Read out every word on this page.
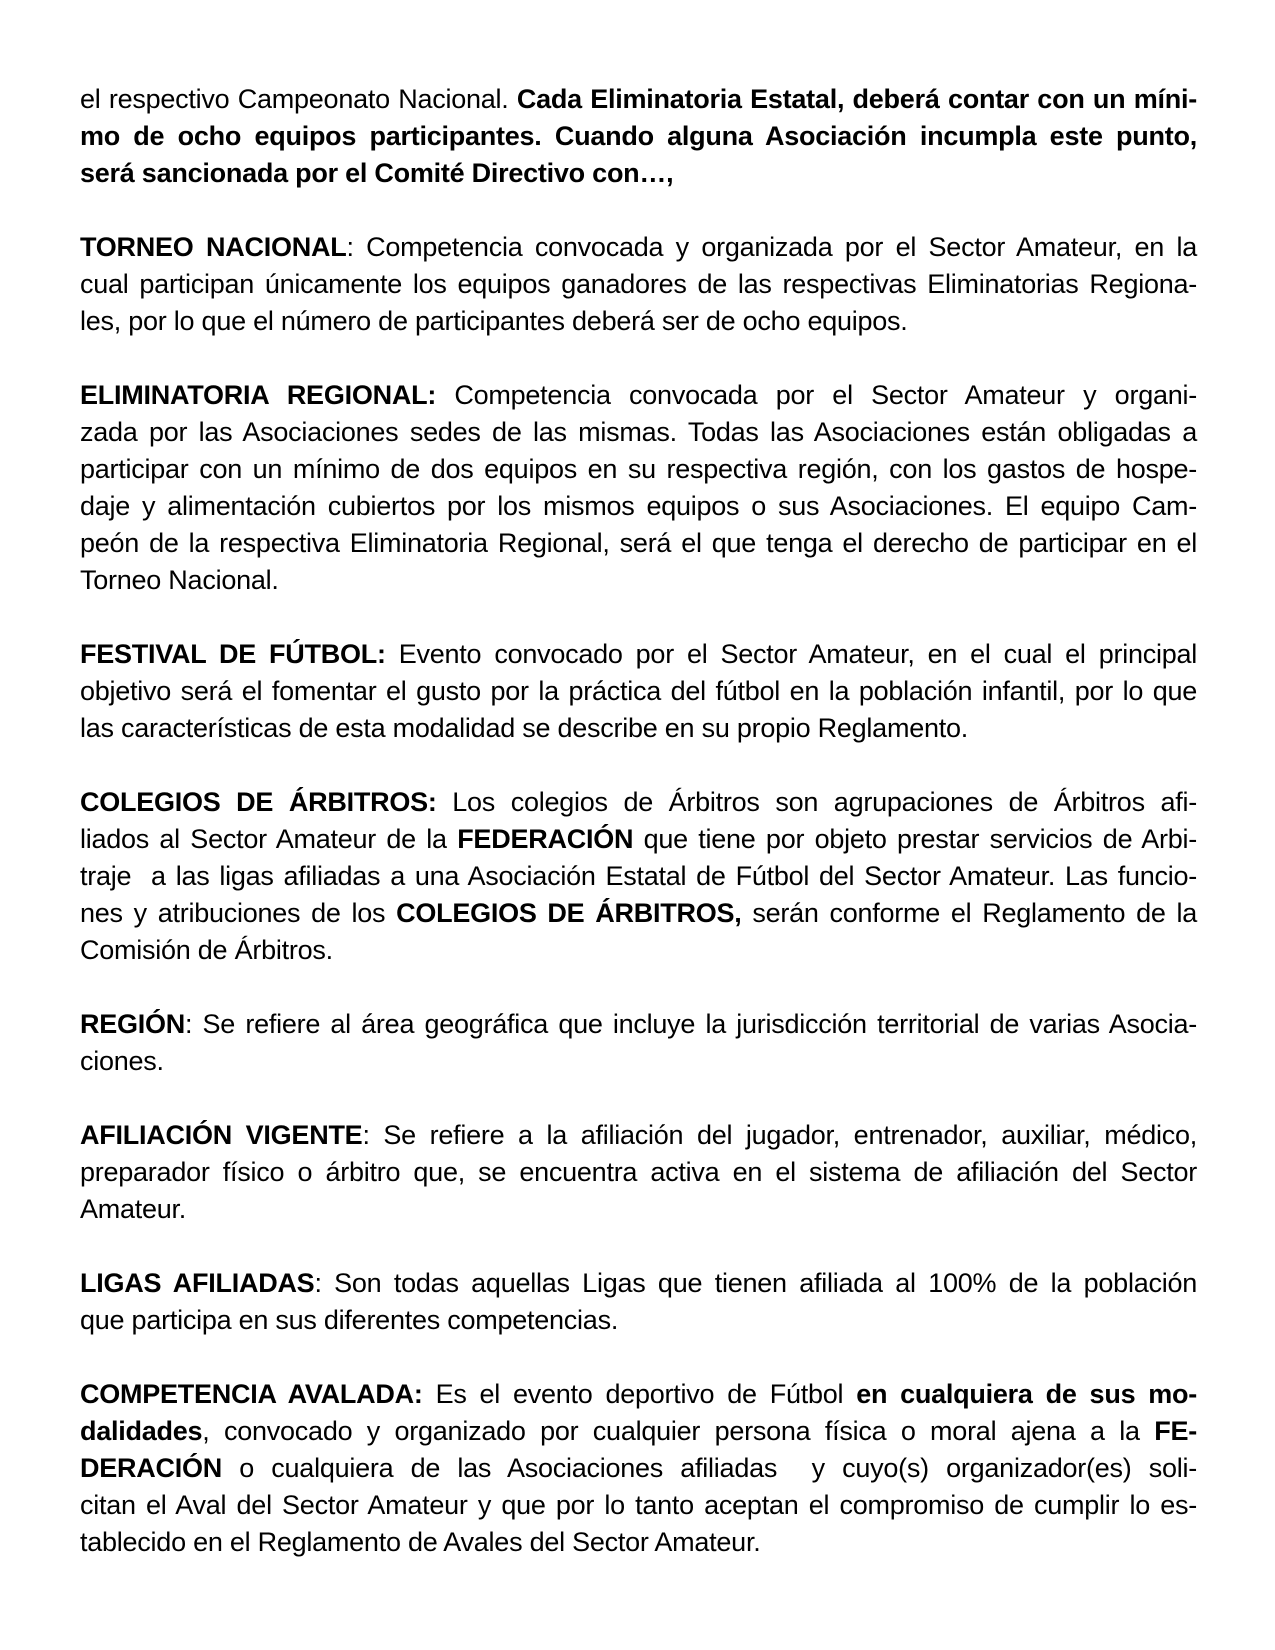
el respectivo Campeonato Nacional. Cada Eliminatoria Estatal, deberá contar con un míni-
mo de ocho equipos participantes. Cuando alguna Asociación incumpla este punto,
será sancionada por el Comité Directivo con…,
TORNEO NACIONAL: Competencia convocada y organizada por el Sector Amateur, en la
cual participan únicamente los equipos ganadores de las respectivas Eliminatorias Regiona-
les, por lo que el número de participantes deberá ser de ocho equipos.
ELIMINATORIA REGIONAL: Competencia convocada por el Sector Amateur y organi-
zada por las Asociaciones sedes de las mismas. Todas las Asociaciones están obligadas a
participar con un mínimo de dos equipos en su respectiva región, con los gastos de hospe-
daje y alimentación cubiertos por los mismos equipos o sus Asociaciones. El equipo Cam-
peón de la respectiva Eliminatoria Regional, será el que tenga el derecho de participar en el
Torneo Nacional.
FESTIVAL DE FÚTBOL: Evento convocado por el Sector Amateur, en el cual el principal
objetivo será el fomentar el gusto por la práctica del fútbol en la población infantil, por lo que
las características de esta modalidad se describe en su propio Reglamento.
COLEGIOS DE ÁRBITROS: Los colegios de Árbitros son agrupaciones de Árbitros afi-
liados al Sector Amateur de la FEDERACIÓN que tiene por objeto prestar servicios de Arbi-
traje  a las ligas afiliadas a una Asociación Estatal de Fútbol del Sector Amateur. Las funcio-
nes y atribuciones de los COLEGIOS DE ÁRBITROS, serán conforme el Reglamento de la
Comisión de Árbitros.
REGIÓN: Se refiere al área geográfica que incluye la jurisdicción territorial de varias Asocia-
ciones.
AFILIACIÓN VIGENTE: Se refiere a la afiliación del jugador, entrenador, auxiliar, médico,
preparador físico o árbitro que, se encuentra activa en el sistema de afiliación del Sector
Amateur.
LIGAS AFILIADAS: Son todas aquellas Ligas que tienen afiliada al 100% de la población
que participa en sus diferentes competencias.
COMPETENCIA AVALADA: Es el evento deportivo de Fútbol en cualquiera de sus mo-
dalidades, convocado y organizado por cualquier persona física o moral ajena a la FE-
DERACIÓN o cualquiera de las Asociaciones afiliadas  y cuyo(s) organizador(es) soli-
citan el Aval del Sector Amateur y que por lo tanto aceptan el compromiso de cumplir lo es-
tablecido en el Reglamento de Avales del Sector Amateur.
